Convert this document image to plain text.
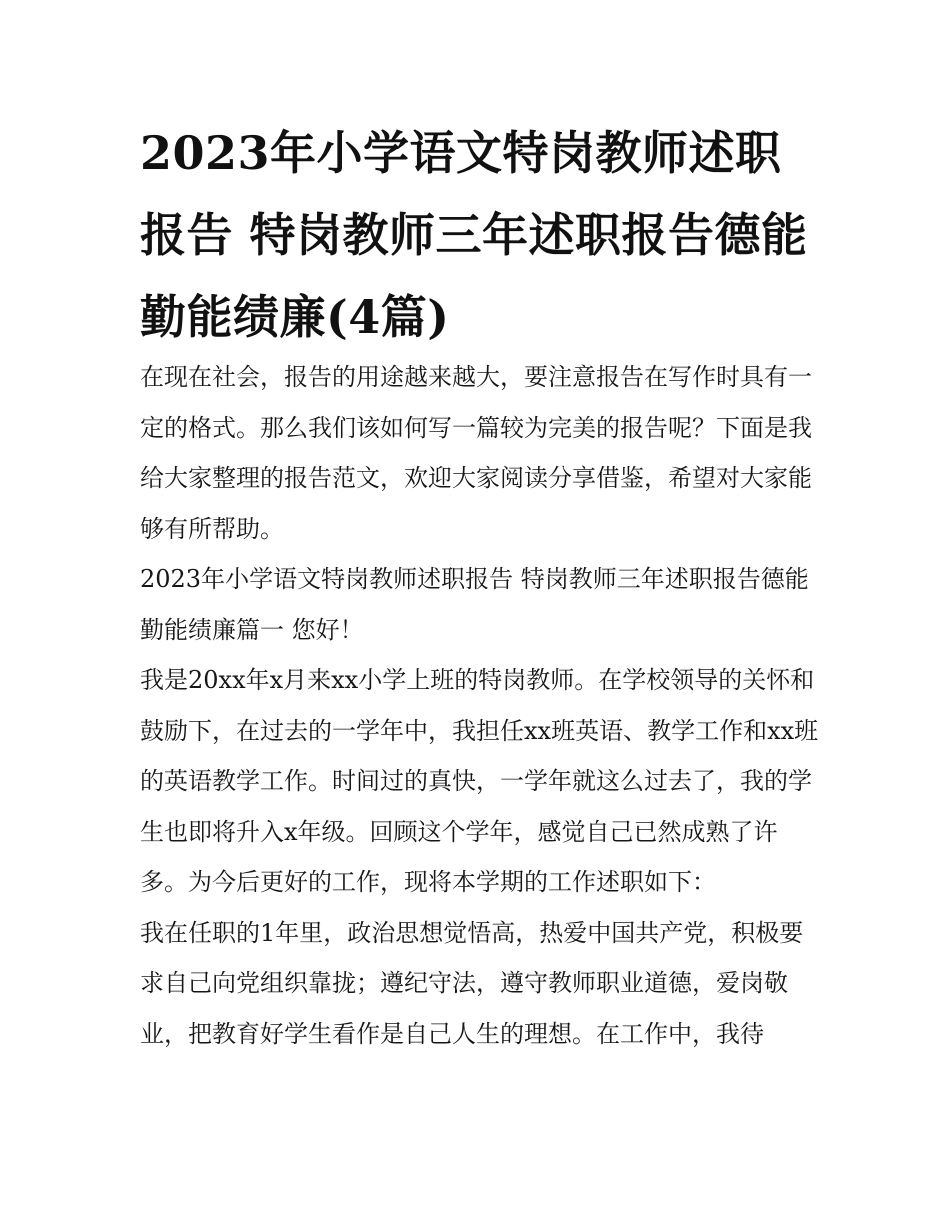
2023年小学语文特岗教师述职报告 特岗教师三年述职报告德能勤能绩廉(4篇)

在现在社会，报告的用途越来越大，要注意报告在写作时具有一定的格式。那么我们该如何写一篇较为完美的报告呢？下面是我给大家整理的报告范文，欢迎大家阅读分享借鉴，希望对大家能够有所帮助。

2023年小学语文特岗教师述职报告 特岗教师三年述职报告德能勤能绩廉篇一 您好！

我是20xx年x月来xx小学上班的特岗教师。在学校领导的关怀和鼓励下，在过去的一学年中，我担任xx班英语、教学工作和xx班的英语教学工作。时间过的真快，一学年就这么过去了，我的学生也即将升入x年级。回顾这个学年，感觉自己已然成熟了许多。为今后更好的工作，现将本学期的工作述职如下：

我在任职的1年里，政治思想觉悟高，热爱中国共产党，积极要求自己向党组织靠拢；遵纪守法，遵守教师职业道德，爱岗敬业，把教育好学生看作是自己人生的理想。在工作中，我待
